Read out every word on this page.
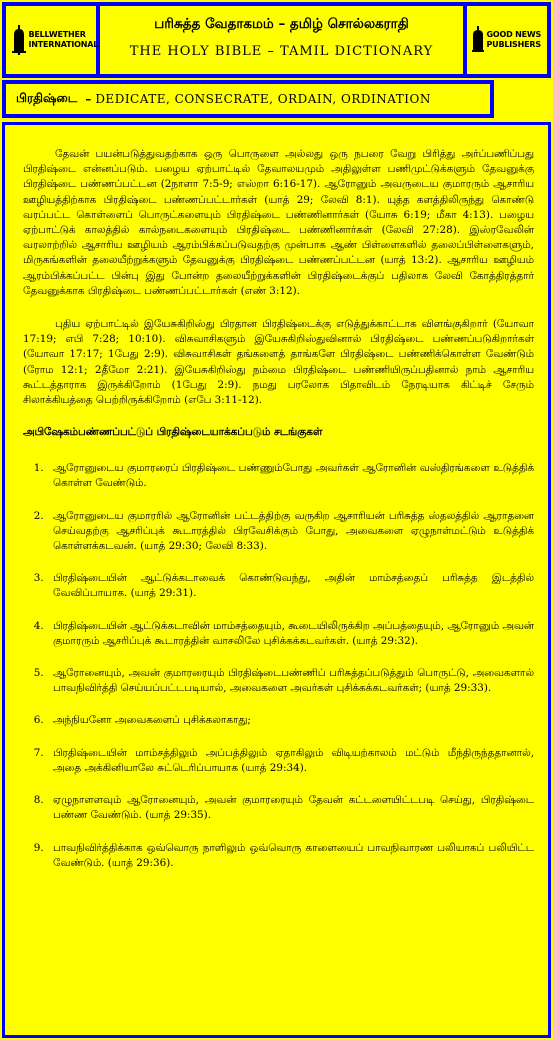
BELLWETHER INTERNATIONAL
பரிசுத்த வேதாகமம் – தமிழ் சொல்லகராதி
THE HOLY BIBLE – TAMIL DICTIONARY
GOOD NEWS PUBLISHERS
பிரதிஷ்டை – DEDICATE, CONSECRATE, ORDAIN, ORDINATION

தேவன் பயன்படுத்துவதற்காக ஒரு பொருளை அல்லது ஒரு நபரை வேறு பிரித்து அர்ப்பணிப்பது பிரதிஷ்டை என்னப்படும். பழைய ஏற்பாட்டில் தேவாலயமும் அதிலுள்ள பணிமுட்டுக்களும் தேவனுக்கு பிரதிஷ்டை பண்ணப்பட்டன (2நாளா 7:5-9; எஸ்றா 6:16-17). ஆரோனும் அவருடைய குமாரரும் ஆசாரிய ஊழியத்திற்காக பிரதிஷ்டை பண்ணப்பட்டார்கள் (யாத் 29; லேவி 8:1). யுத்த களத்திலிருந்து கொண்டு வரப்பட்ட கொள்ளைப் பொருட்களையும் பிரதிஷ்டை பண்ணினார்கள் (யோசு 6:19; மீகா 4:13). பழைய ஏற்பாட்டுக் காலத்தில் கால்நடைகளையும் பிரதிஷ்டை பண்ணினார்கள் (லேவி 27:28). இஸ்ரவேலின் வரலாற்றில் ஆசாரிய ஊழியம் ஆரம்பிக்கப்படுவதற்கு முன்பாக ஆண் பிள்ளைகளில் தலைப்பிள்ளைகளும், மிருகங்களின் தலையீற்றுக்களும் தேவனுக்கு பிரதிஷ்டை பண்ணப்பட்டன (யாத் 13:2). ஆசாரிய ஊழியம் ஆரம்பிக்கப்பட்ட பின்பு இது போன்ற தலையீற்றுக்களின் பிரதிஷ்டைக்குப் பதிலாக லேவி கோத்திரத்தார் தேவனுக்காக பிரதிஷ்டை பண்ணப்பட்டார்கள் (எண் 3:12).

புதிய ஏற்பாட்டில் இயேசுகிறிஸ்து பிரதான பிரதிஷ்டைக்கு எடுத்துக்காட்டாக விளங்குகிறார் (யோவா 17:19; எபி 7:28; 10:10). விசுவாசிகளும் இயேசுகிறிஸ்துவினால் பிரதிஷ்டை பண்ணப்படுகிறார்கள் (யோவா 17:17; 1பேது 2:9). விசுவாசிகள் தங்களைத் தாங்களே பிரதிஷ்டை பண்ணிக்கொள்ள வேண்டும் (ரோம 12:1; 2தீமோ 2:21). இயேசுகிறிஸ்து நம்மை பிரதிஷ்டை பண்ணியிருப்பதினால் நாம் ஆசாரிய கூட்டத்தாராக இருக்கிறோம் (1பேது 2:9). நமது பரலோக பிதாவிடம் நேரடியாக கிட்டிச் சேரும் சிலாக்கியத்தை பெற்றிருக்கிறோம் (எபே 3:11-12).

அபிஷேகம்பண்ணப்பட்டுப் பிரதிஷ்டையாக்கப்படும் சடங்குகள்
1. ஆரோனுடைய குமாரரைப் பிரதிஷ்டை பண்ணும்போது அவர்கள் ஆரோனின் வஸ்திரங்களை உடுத்திக் கொள்ள வேண்டும்.
2. ஆரோனுடைய குமாரரில் ஆரோனின் பட்டத்திற்கு வருகிற ஆசாரியன் பரிசுத்த ஸ்தலத்தில் ஆராதனை செய்வதற்கு ஆசரிப்புக் கூடாரத்தில் பிரவேசிக்கும் போது, அவைகளை ஏழுநாள்மட்டும் உடுத்திக் கொள்ளக்கடவன். (யாத் 29:30; லேவி 8:33).
3. பிரதிஷ்டையின் ஆட்டுக்கடாவைக் கொண்டுவந்து, அதின் மாம்சத்தைப் பரிசுத்த இடத்தில் வேவிப்பாயாக. (யாத் 29:31).
4. பிரதிஷ்டையின் ஆட்டுக்கடாவின் மாம்சத்தையும், கூடையிலிருக்கிற அப்பத்தையும், ஆரோனும் அவன் குமாரரும் ஆசரிப்புக் கூடாரத்தின் வாசலிலே புசிக்கக்கடவர்கள். (யாத் 29:32).
5. ஆரோனையும், அவன் குமாரரையும் பிரதிஷ்டைபண்ணிப் பரிசுத்தப்படுத்தும் பொருட்டு, அவைகளால் பாவநிவிர்த்தி செய்யப்பட்டபடியால், அவைகளை அவர்கள் புசிக்கக்கடவர்கள்; (யாத் 29:33).
6. அந்நியனோ அவைகளைப் புசிக்கலாகாது;
7. பிரதிஷ்டையின் மாம்சத்திலும் அப்பத்திலும் ஏதாகிலும் விடியற்காலம் மட்டும் மீந்திருந்ததானால், அதை அக்கினியாலே சுட்டெரிப்பாயாக (யாத் 29:34).
8. ஏழுநாளளவும் ஆரோனையும், அவன் குமாரரையும் தேவன் கட்டளையிட்டபடி செய்து, பிரதிஷ்டை பண்ண வேண்டும். (யாத் 29:35).
9. பாவநிவிர்த்திக்காக ஒவ்வொரு நாளிலும் ஒவ்வொரு காளையைப் பாவநிவாரண பலியாகப் பலியிட்ட வேண்டும். (யாத் 29:36).
